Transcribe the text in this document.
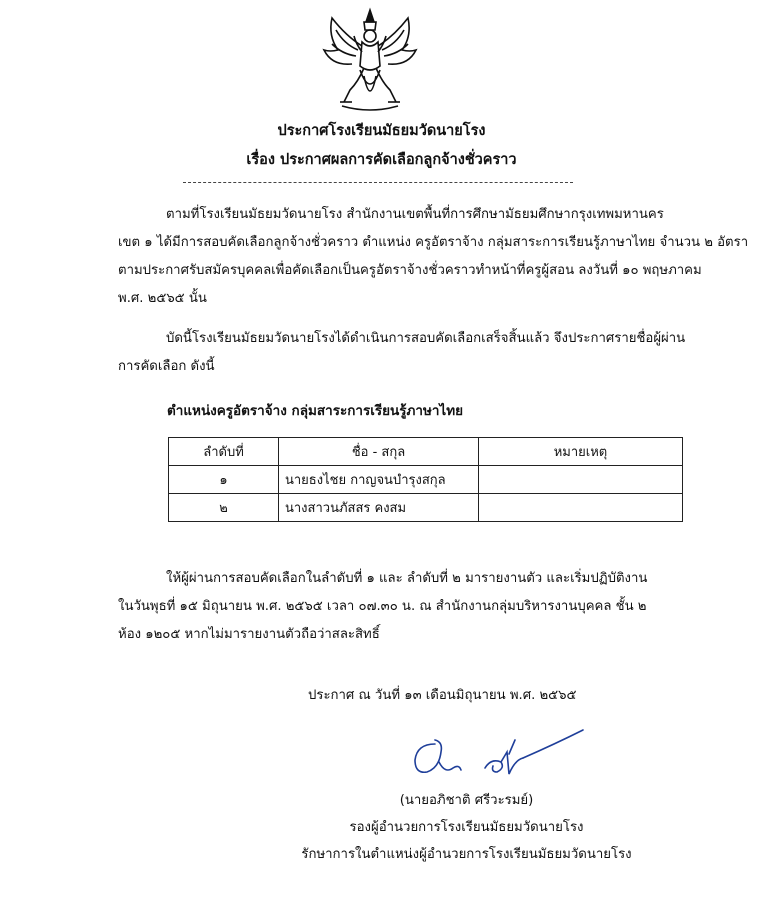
ประกาศโรงเรียนมัธยมวัดนายโรง
เรื่อง ประกาศผลการคัดเลือกลูกจ้างชั่วคราว

ตามที่โรงเรียนมัธยมวัดนายโรง สำนักงานเขตพื้นที่การศึกษามัธยมศึกษากรุงเทพมหานคร

เขต ๑ ได้มีการสอบคัดเลือกลูกจ้างชั่วคราว ตำแหน่ง ครูอัตราจ้าง กลุ่มสาระการเรียนรู้ภาษาไทย จำนวน ๒ อัตรา

ตามประกาศรับสมัครบุคคลเพื่อคัดเลือกเป็นครูอัตราจ้างชั่วคราวทำหน้าที่ครูผู้สอน ลงวันที่ ๑๐ พฤษภาคม

พ.ศ. ๒๕๖๕ นั้น

บัดนี้โรงเรียนมัธยมวัดนายโรงได้ดำเนินการสอบคัดเลือกเสร็จสิ้นแล้ว จึงประกาศรายชื่อผู้ผ่าน

การคัดเลือก ดังนี้

ตำแหน่งครูอัตราจ้าง กลุ่มสาระการเรียนรู้ภาษาไทย
ลำดับที่	ชื่อ - สกุล	หมายเหตุ
๑	นายธงไชย กาญจนบำรุงสกุล	
๒	นางสาวนภัสสร คงสม	

ให้ผู้ผ่านการสอบคัดเลือกในลำดับที่ ๑ และ ลำดับที่ ๒ มารายงานตัว และเริ่มปฏิบัติงาน

ในวันพุธที่ ๑๕ มิถุนายน พ.ศ. ๒๕๖๕ เวลา ๐๗.๓๐ น. ณ สำนักงานกลุ่มบริหารงานบุคคล ชั้น ๒

ห้อง ๑๒๐๕ หากไม่มารายงานตัวถือว่าสละสิทธิ์

ประกาศ ณ วันที่ ๑๓ เดือนมิถุนายน พ.ศ. ๒๕๖๕
(นายอภิชาติ ศรีวะรมย์)
รองผู้อำนวยการโรงเรียนมัธยมวัดนายโรง
รักษาการในตำแหน่งผู้อำนวยการโรงเรียนมัธยมวัดนายโรง
